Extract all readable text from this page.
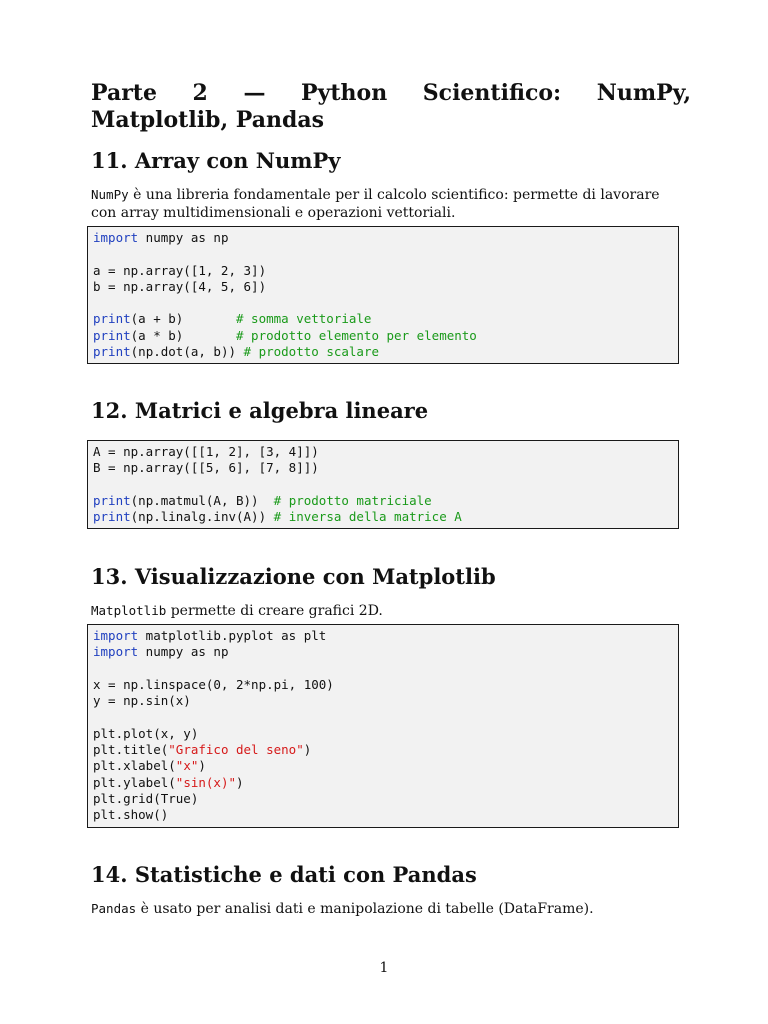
Parte 2 — Python Scientifico: NumPy, Matplotlib, Pandas
11. Array con NumPy

NumPy è una libreria fondamentale per il calcolo scientifico: permette di lavorare con array multidimensionali e operazioni vettoriali.

import numpy as np
a = np.array([1, 2, 3])
b = np.array([4, 5, 6])
print(a + b)       # somma vettoriale
print(a * b)       # prodotto elemento per elemento
print(np.dot(a, b)) # prodotto scalare
12. Matrici e algebra lineare
A = np.array([[1, 2], [3, 4]])
B = np.array([[5, 6], [7, 8]])
print(np.matmul(A, B))  # prodotto matriciale
print(np.linalg.inv(A)) # inversa della matrice A
13. Visualizzazione con Matplotlib

Matplotlib permette di creare grafici 2D.

import matplotlib.pyplot as plt
import numpy as np
x = np.linspace(0, 2*np.pi, 100)
y = np.sin(x)
plt.plot(x, y)
plt.title("Grafico del seno")
plt.xlabel("x")
plt.ylabel("sin(x)")
plt.grid(True)
plt.show()
14. Statistiche e dati con Pandas

Pandas è usato per analisi dati e manipolazione di tabelle (DataFrame).

1
